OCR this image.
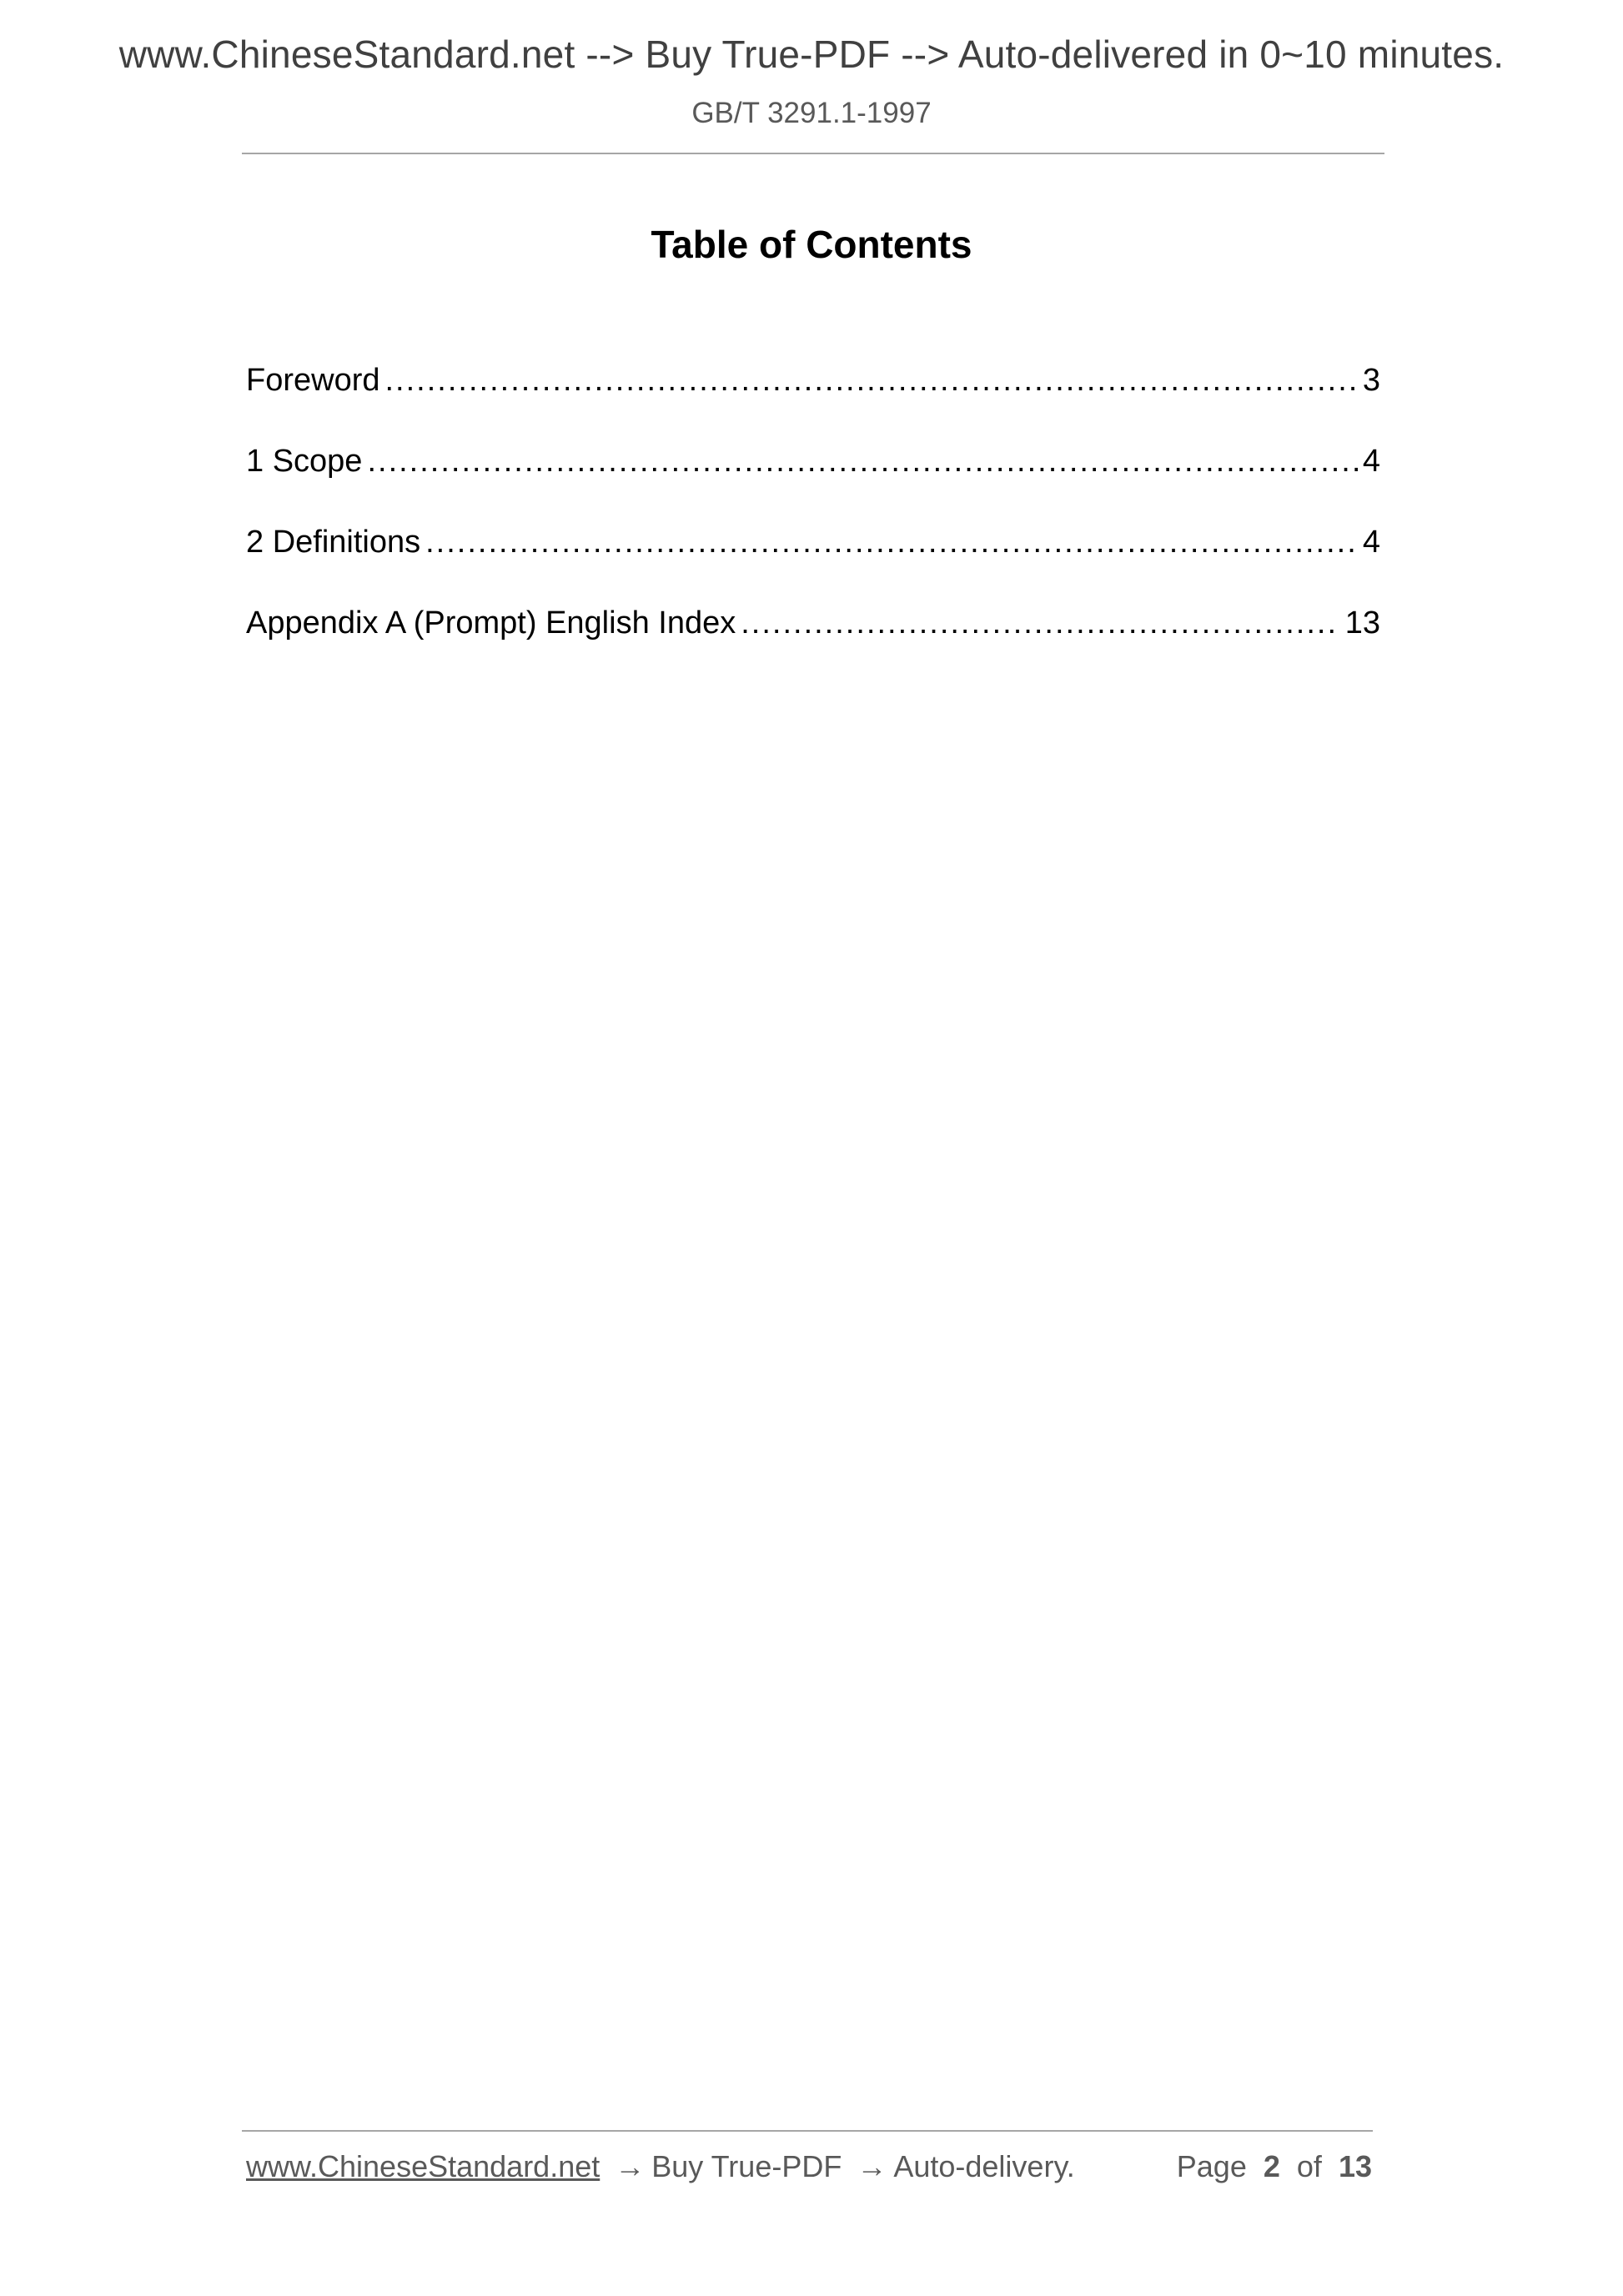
www.ChineseStandard.net --> Buy True-PDF --> Auto-delivered in 0~10 minutes.
GB/T 3291.1-1997
Table of Contents
Foreword .....	3
1 Scope .....	4
2 Definitions .....	4
Appendix A (Prompt) English Index .....	13
www.ChineseStandard.net → Buy True-PDF → Auto-delivery.	Page 2 of 13
